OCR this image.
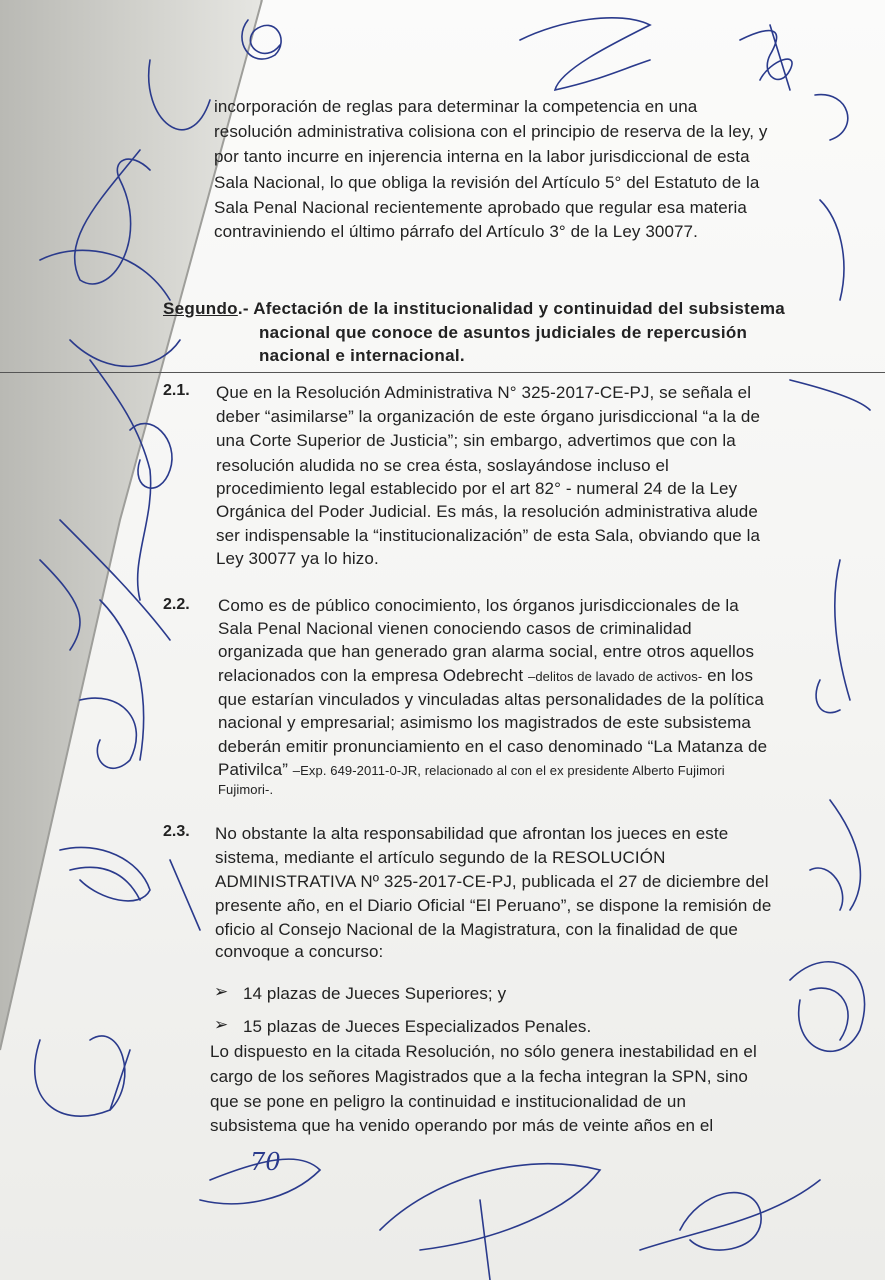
incorporación de reglas para determinar la competencia en una
resolución administrativa colisiona con el principio de reserva de la ley, y
por tanto incurre en injerencia interna en la labor jurisdiccional de esta
Sala Nacional, lo que obliga la revisión del Artículo 5° del Estatuto de la
Sala Penal Nacional recientemente aprobado que regular esa materia
contraviniendo el último párrafo del Artículo 3° de la Ley 30077.
Segundo.- Afectación de la institucionalidad y continuidad del subsistema
nacional que conoce de asuntos judiciales de repercusión
nacional e internacional.
2.1. Que en la Resolución Administrativa N° 325-2017-CE-PJ, se señala el
deber “asimilarse” la organización de este órgano jurisdiccional “a la de
una Corte Superior de Justicia”; sin embargo, advertimos que con la
resolución aludida no se crea ésta, soslayándose incluso el
procedimiento legal establecido por el art 82° - numeral 24 de la Ley
Orgánica del Poder Judicial. Es más, la resolución administrativa alude
ser indispensable la “institucionalización” de esta Sala, obviando que la
Ley 30077 ya lo hizo.
2.2. Como es de público conocimiento, los órganos jurisdiccionales de la
Sala Penal Nacional vienen conociendo casos de criminalidad
organizada que han generado gran alarma social, entre otros aquellos
relacionados con la empresa Odebrecht –delitos de lavado de activos- en los
que estarían vinculados y vinculadas altas personalidades de la política
nacional y empresarial; asimismo los magistrados de este subsistema
deberán emitir pronunciamiento en el caso denominado “La Matanza de
Pativilca” –Exp. 649-2011-0-JR, relacionado al con el ex presidente Alberto Fujimori
Fujimori-.
2.3. No obstante la alta responsabilidad que afrontan los jueces en este
sistema, mediante el artículo segundo de la RESOLUCIÓN
ADMINISTRATIVA Nº 325-2017-CE-PJ, publicada el 27 de diciembre del
presente año, en el Diario Oficial “El Peruano”, se dispone la remisión de
oficio al Consejo Nacional de la Magistratura, con la finalidad de que
convoque a concurso:
➢ 14 plazas de Jueces Superiores; y
➢ 15 plazas de Jueces Especializados Penales.
Lo dispuesto en la citada Resolución, no sólo genera inestabilidad en el
cargo de los señores Magistrados que a la fecha integran la SPN, sino
que se pone en peligro la continuidad e institucionalidad de un
subsistema que ha venido operando por más de veinte años en el
70
